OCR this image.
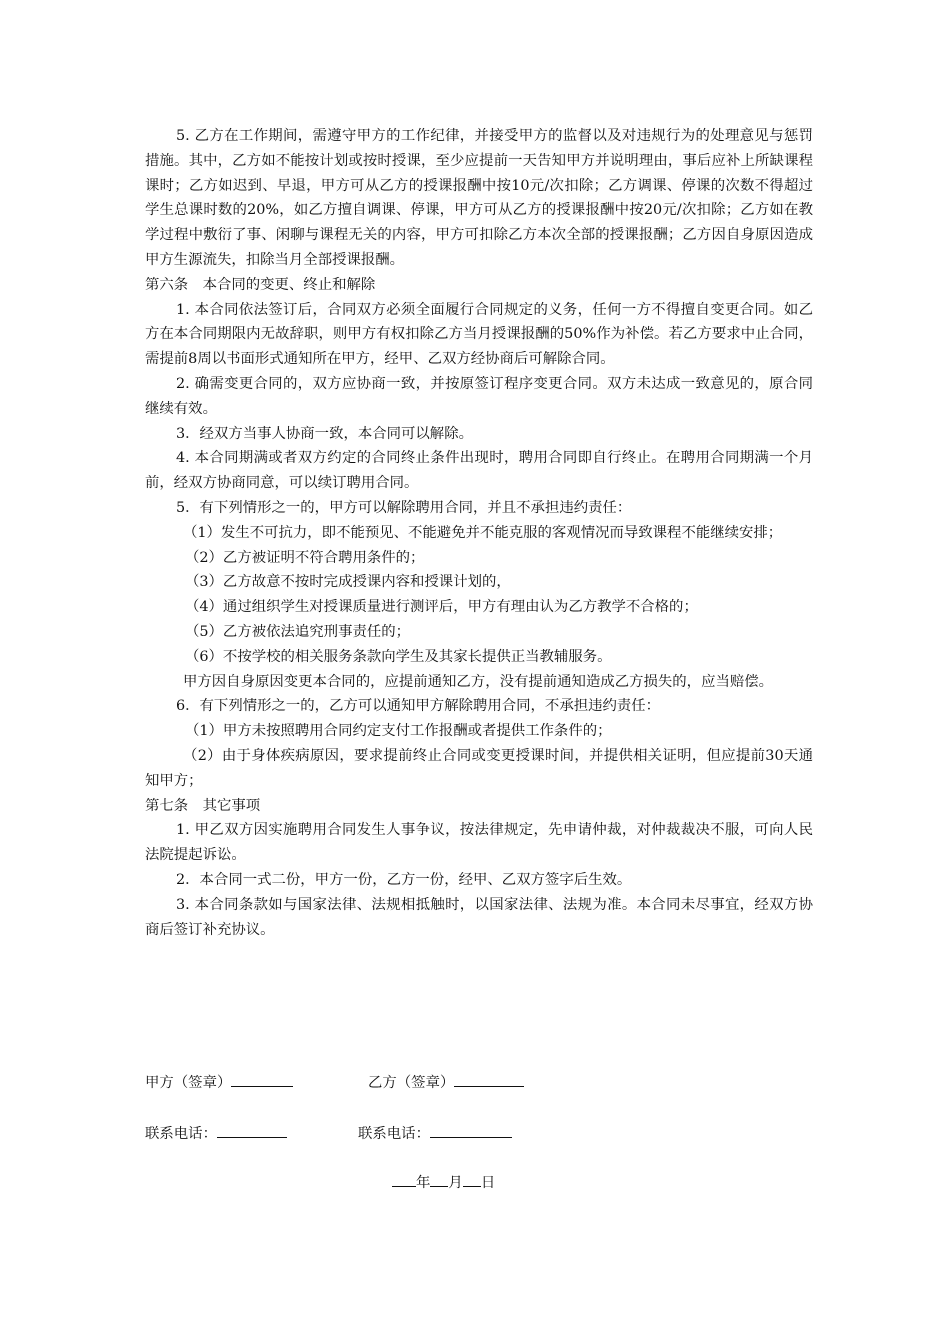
5. 乙方在工作期间，需遵守甲方的工作纪律，并接受甲方的监督以及对违规行为的处理意见与惩罚措施。其中，乙方如不能按计划或按时授课，至少应提前一天告知甲方并说明理由，事后应补上所缺课程课时；乙方如迟到、早退，甲方可从乙方的授课报酬中按10元/次扣除；乙方调课、停课的次数不得超过学生总课时数的20%，如乙方擅自调课、停课，甲方可从乙方的授课报酬中按20元/次扣除；乙方如在教学过程中敷衍了事、闲聊与课程无关的内容，甲方可扣除乙方本次全部的授课报酬；乙方因自身原因造成甲方生源流失，扣除当月全部授课报酬。

第六条　本合同的变更、终止和解除

1. 本合同依法签订后，合同双方必须全面履行合同规定的义务，任何一方不得擅自变更合同。如乙方在本合同期限内无故辞职，则甲方有权扣除乙方当月授课报酬的50%作为补偿。若乙方要求中止合同，需提前8周以书面形式通知所在甲方，经甲、乙双方经协商后可解除合同。

2. 确需变更合同的，双方应协商一致，并按原签订程序变更合同。双方未达成一致意见的，原合同继续有效。

3．经双方当事人协商一致，本合同可以解除。

4. 本合同期满或者双方约定的合同终止条件出现时，聘用合同即自行终止。在聘用合同期满一个月前，经双方协商同意，可以续订聘用合同。

5．有下列情形之一的，甲方可以解除聘用合同，并且不承担违约责任：

（1）发生不可抗力，即不能预见、不能避免并不能克服的客观情况而导致课程不能继续安排；

（2）乙方被证明不符合聘用条件的；

（3）乙方故意不按时完成授课内容和授课计划的，

（4）通过组织学生对授课质量进行测评后，甲方有理由认为乙方教学不合格的；

（5）乙方被依法追究刑事责任的；

（6）不按学校的相关服务条款向学生及其家长提供正当教辅服务。

甲方因自身原因变更本合同的，应提前通知乙方，没有提前通知造成乙方损失的，应当赔偿。

6．有下列情形之一的，乙方可以通知甲方解除聘用合同，不承担违约责任：

（1）甲方未按照聘用合同约定支付工作报酬或者提供工作条件的；

（2）由于身体疾病原因，要求提前终止合同或变更授课时间，并提供相关证明，但应提前30天通知甲方；

第七条　其它事项

1. 甲乙双方因实施聘用合同发生人事争议，按法律规定，先申请仲裁，对仲裁裁决不服，可向人民法院提起诉讼。

2．本合同一式二份，甲方一份，乙方一份，经甲、乙双方签字后生效。

3. 本合同条款如与国家法律、法规相抵触时，以国家法律、法规为准。本合同未尽事宜，经双方协商后签订补充协议。

甲方（签章）	乙方（签章）
联系电话：	联系电话：
年 月 日
